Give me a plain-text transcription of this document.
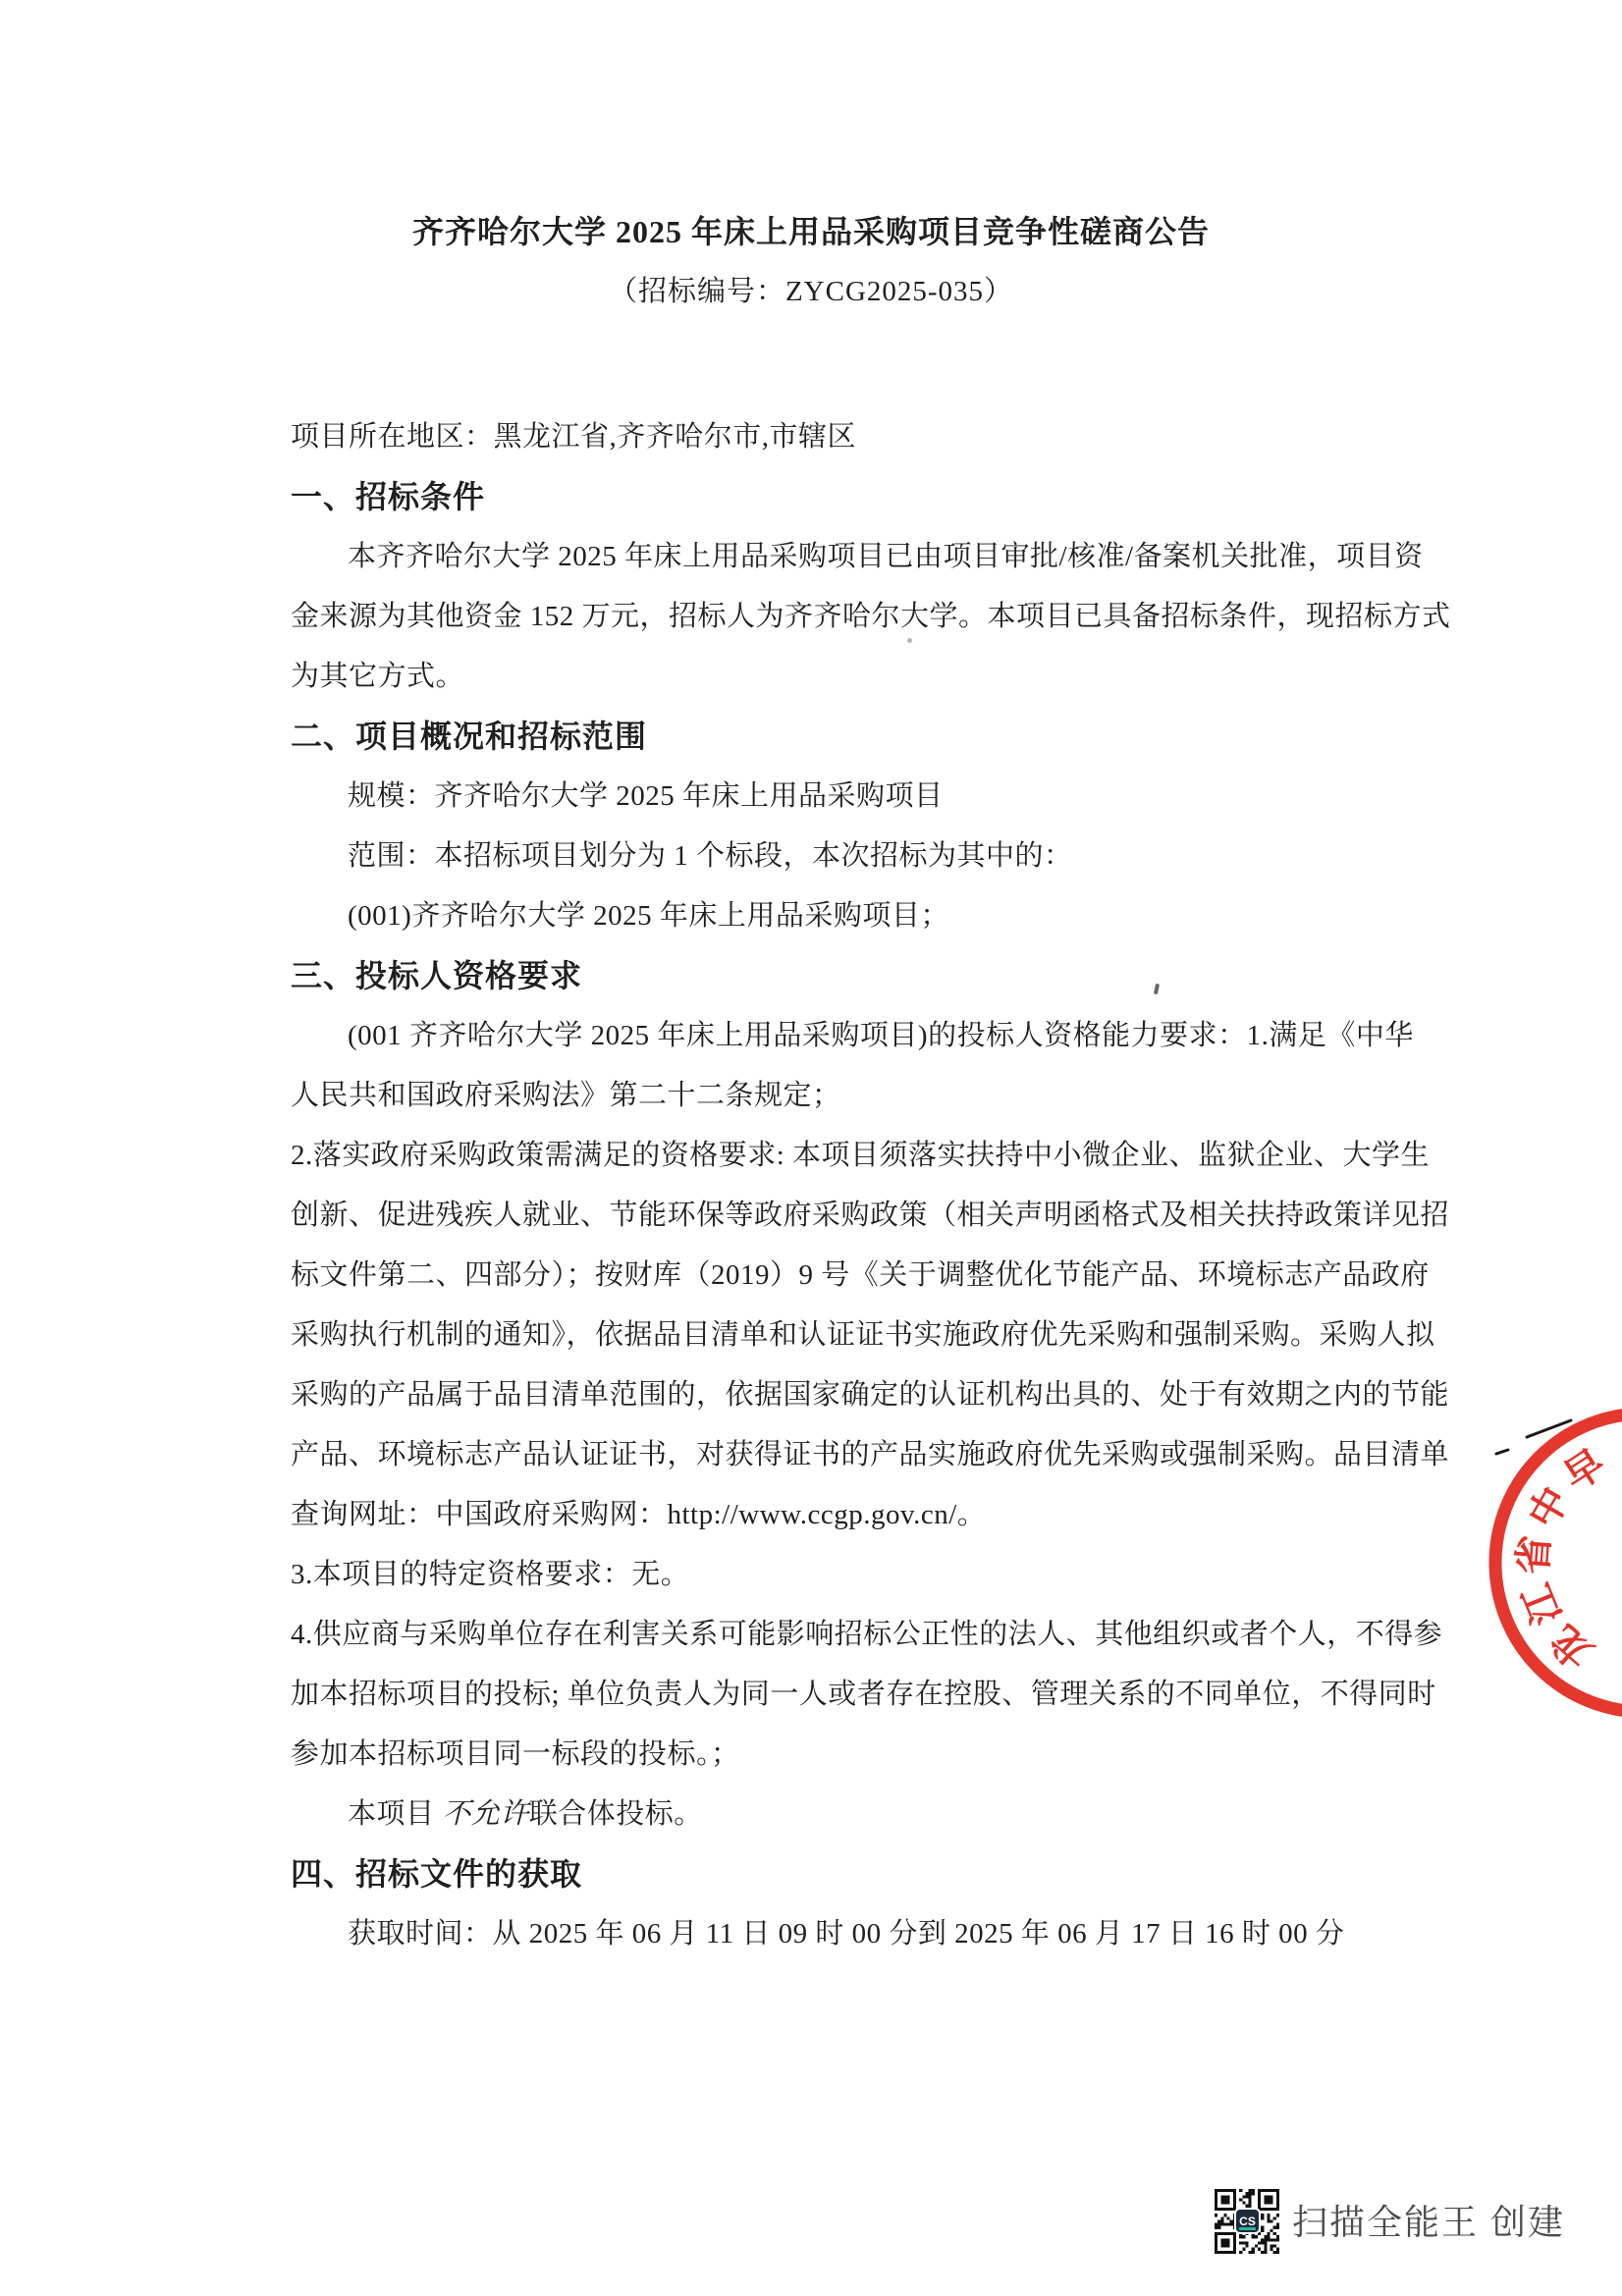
齐齐哈尔大学 2025 年床上用品采购项目竞争性磋商公告
（招标编号：ZYCG2025-035）
项目所在地区：黑龙江省,齐齐哈尔市,市辖区
一、招标条件
本齐齐哈尔大学 2025 年床上用品采购项目已由项目审批/核准/备案机关批准，项目资
金来源为其他资金 152 万元，招标人为齐齐哈尔大学。本项目已具备招标条件，现招标方式
为其它方式。
二、项目概况和招标范围
规模：齐齐哈尔大学 2025 年床上用品采购项目
范围：本招标项目划分为 1 个标段，本次招标为其中的：
(001)齐齐哈尔大学 2025 年床上用品采购项目；
三、投标人资格要求
(001 齐齐哈尔大学 2025 年床上用品采购项目)的投标人资格能力要求：1.满足《中华
人民共和国政府采购法》第二十二条规定；
2.落实政府采购政策需满足的资格要求: 本项目须落实扶持中小微企业、监狱企业、大学生
创新、促进残疾人就业、节能环保等政府采购政策（相关声明函格式及相关扶持政策详见招
标文件第二、四部分）；按财库（2019）9 号《关于调整优化节能产品、环境标志产品政府
采购执行机制的通知》，依据品目清单和认证证书实施政府优先采购和强制采购。采购人拟
采购的产品属于品目清单范围的，依据国家确定的认证机构出具的、处于有效期之内的节能
产品、环境标志产品认证证书，对获得证书的产品实施政府优先采购或强制采购。品目清单
查询网址：中国政府采购网：http://www.ccgp.gov.cn/。
3.本项目的特定资格要求：无。
4.供应商与采购单位存在利害关系可能影响招标公正性的法人、其他组织或者个人，不得参
加本招标项目的投标; 单位负责人为同一人或者存在控股、管理关系的不同单位，不得同时
参加本招标项目同一标段的投标。；
本项目 不允许联合体投标。
四、招标文件的获取
获取时间：从 2025 年 06 月 11 日 09 时 00 分到 2025 年 06 月 17 日 16 时 00 分
早
中
省
江
龙
CS 扫描全能王 创建
